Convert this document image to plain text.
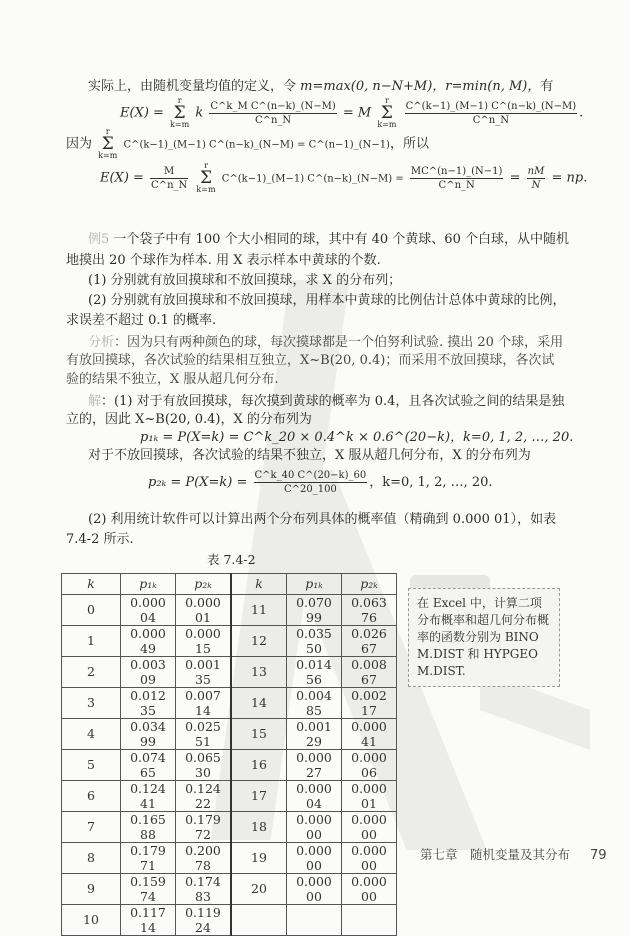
实际上，由随机变量均值的定义，令 m=max(0, n−N+M)，r=min(n, M)，有
E(X) = r
Σ
k=m k $\frac{\text{C\textasciicircum{}k\_M C\textasciicircum{}(n−k)\_(N−M)}}{C\^{}n\_N} = M$ r
Σ
$k=m \frac{C\^{}(k-1)\_(M-1) C\^{}(n-k)\_(N-M)}{C\^{}n\_N}$ .
因为 r
Σ
k=m C^(k−1)_(M−1) C^(n−k)_(N−M) = C^(n−1)_(N−1)，所以
$E(X) = \frac{M}{C\^{}n\_N}$ r
Σ
k=m C^(k−1)_(M−1) C^(n−k)_(N−M) = $\frac{MC\^{}(n-1)\_(N-1)}{C\^{}n\_N} = \frac{nM}{N}$ = np.
例5 一个袋子中有 100 个大小相同的球，其中有 40 个黄球、60 个白球，从中随机
地摸出 20 个球作为样本. 用 X 表示样本中黄球的个数.
(1) 分别就有放回摸球和不放回摸球，求 X 的分布列；
(2) 分别就有放回摸球和不放回摸球，用样本中黄球的比例估计总体中黄球的比例，
求误差不超过 0.1 的概率.
分析：因为只有两种颜色的球，每次摸球都是一个伯努利试验. 摸出 20 个球，采用
有放回摸球，各次试验的结果相互独立，X~B(20, 0.4)；而采用不放回摸球，各次试
验的结果不独立，X 服从超几何分布.
解：(1) 对于有放回摸球，每次摸到黄球的概率为 0.4，且各次试验之间的结果是独
立的，因此 X~B(20, 0.4)，X 的分布列为
p₁ₖ = P(X=k) = C^k_20 × 0.4^k × 0.6^(20−k)，k=0, 1, 2, …, 20.
对于不放回摸球，各次试验的结果不独立，X 服从超几何分布，X 的分布列为
$p_{2k} = P(X=k) = \frac{C\^{}k\_40 C\^{}(20-k)\_60}{C\^{}20\_100}$ ，k=0, 1, 2, …, 20.
(2) 利用统计软件可以计算出两个分布列具体的概率值（精确到 0.000 01），如表
7.4-2 所示.
表 7.4-2
k	p₁ₖ	p₂ₖ	k	p₁ₖ	p₂ₖ
0	0.000 04	0.000 01	11	0.070 99	0.063 76
1	0.000 49	0.000 15	12	0.035 50	0.026 67
2	0.003 09	0.001 35	13	0.014 56	0.008 67
3	0.012 35	0.007 14	14	0.004 85	0.002 17
4	0.034 99	0.025 51	15	0.001 29	0.000 41
5	0.074 65	0.065 30	16	0.000 27	0.000 06
6	0.124 41	0.124 22	17	0.000 04	0.000 01
7	0.165 88	0.179 72	18	0.000 00	0.000 00
8	0.179 71	0.200 78	19	0.000 00	0.000 00
9	0.159 74	0.174 83	20	0.000 00	0.000 00
10	0.117 14	0.119 24			
在 Excel 中，计算二项分布概率和超几何分布概率的函数分别为 BINOM.DIST 和 HYPGEOM.DIST.
第七章　随机变量及其分布 79
